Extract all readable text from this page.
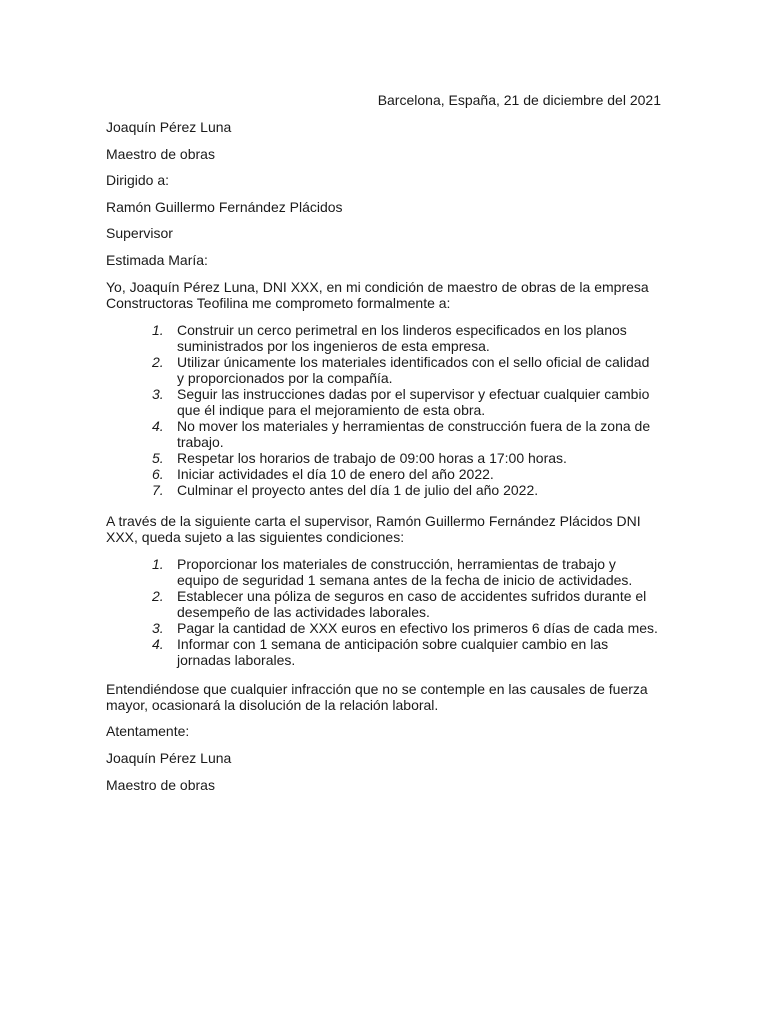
Barcelona, España, 21 de diciembre del 2021
Joaquín Pérez Luna
Maestro de obras
Dirigido a:
Ramón Guillermo Fernández Plácidos
Supervisor
Estimada María:
Yo, Joaquín Pérez Luna, DNI XXX, en mi condición de maestro de obras de la empresa Constructoras Teofilina me comprometo formalmente a:
1. Construir un cerco perimetral en los linderos especificados en los planos suministrados por los ingenieros de esta empresa.
2. Utilizar únicamente los materiales identificados con el sello oficial de calidad y proporcionados por la compañía.
3. Seguir las instrucciones dadas por el supervisor y efectuar cualquier cambio que él indique para el mejoramiento de esta obra.
4. No mover los materiales y herramientas de construcción fuera de la zona de trabajo.
5. Respetar los horarios de trabajo de 09:00 horas a 17:00 horas.
6. Iniciar actividades el día 10 de enero del año 2022.
7. Culminar el proyecto antes del día 1 de julio del año 2022.
A través de la siguiente carta el supervisor, Ramón Guillermo Fernández Plácidos DNI XXX, queda sujeto a las siguientes condiciones:
1. Proporcionar los materiales de construcción, herramientas de trabajo y equipo de seguridad 1 semana antes de la fecha de inicio de actividades.
2. Establecer una póliza de seguros en caso de accidentes sufridos durante el desempeño de las actividades laborales.
3. Pagar la cantidad de XXX euros en efectivo los primeros 6 días de cada mes.
4. Informar con 1 semana de anticipación sobre cualquier cambio en las jornadas laborales.
Entendiéndose que cualquier infracción que no se contemple en las causales de fuerza mayor, ocasionará la disolución de la relación laboral.
Atentamente:
Joaquín Pérez Luna
Maestro de obras
